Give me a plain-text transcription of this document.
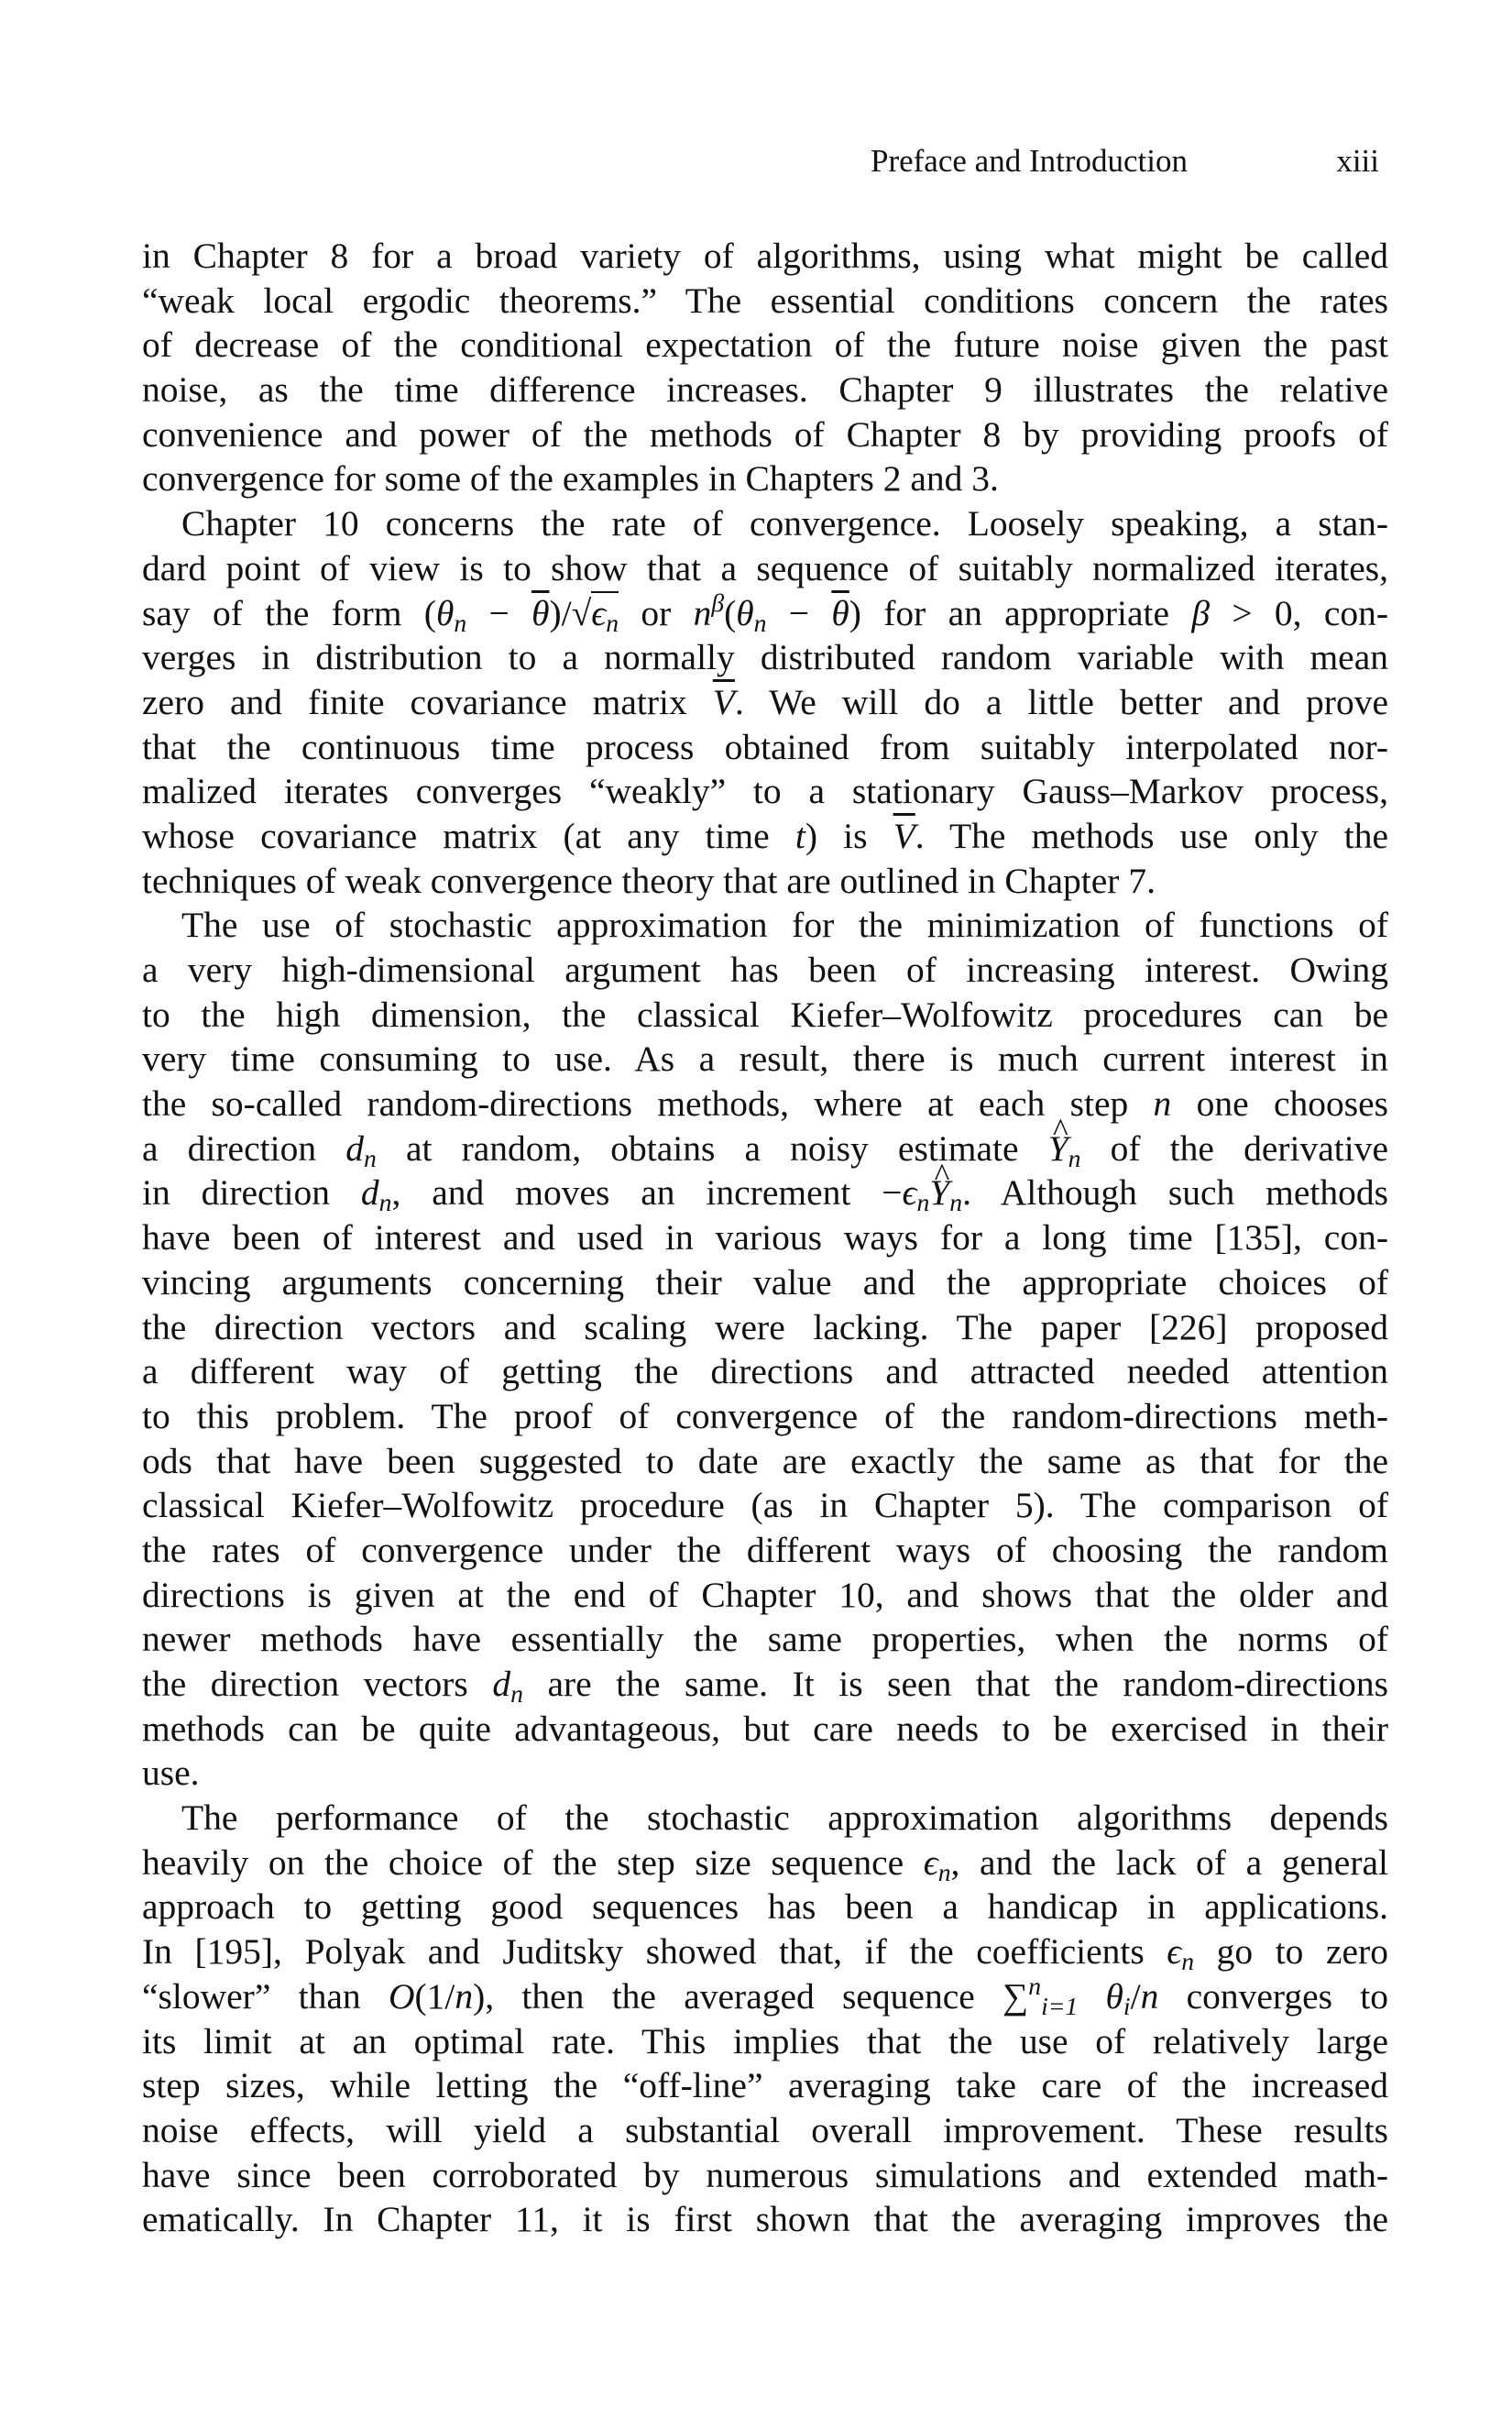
Preface and Introduction	xiii
in Chapter 8 for a broad variety of algorithms, using what might be called
“weak local ergodic theorems.” The essential conditions concern the rates
of decrease of the conditional expectation of the future noise given the past
noise, as the time difference increases. Chapter 9 illustrates the relative
convenience and power of the methods of Chapter 8 by providing proofs of
convergence for some of the examples in Chapters 2 and 3.
Chapter 10 concerns the rate of convergence. Loosely speaking, a stan-
dard point of view is to show that a sequence of suitably normalized iterates,
say of the form $(\theta_n - \overline{\theta})/√\epsilon_n$ or $n^\beta(\theta_n - \overline{\theta})$ for an appropriate β > 0, con-
verges in distribution to a normally distributed random variable with mean
zero and finite covariance matrix $\overline{V}$. We will do a little better and prove
that the continuous time process obtained from suitably interpolated nor-
malized iterates converges “weakly” to a stationary Gauss–Markov process,
whose covariance matrix (at any time t) is $\overline{V}$. The methods use only the
techniques of weak convergence theory that are outlined in Chapter 7.
The use of stochastic approximation for the minimization of functions of
a very high-dimensional argument has been of increasing interest. Owing
to the high dimension, the classical Kiefer–Wolfowitz procedures can be
very time consuming to use. As a result, there is much current interest in
the so-called random-directions methods, where at each step n one chooses
a direction $d_n$ at random, obtains a noisy estimate ^ $Y_n$ of the derivative
in direction $d_n$, and moves an increment $-\epsilon_n\^{}$ $Y_n$. Although such methods
have been of interest and used in various ways for a long time [135], con-
vincing arguments concerning their value and the appropriate choices of
the direction vectors and scaling were lacking. The paper [226] proposed
a different way of getting the directions and attracted needed attention
to this problem. The proof of convergence of the random-directions meth-
ods that have been suggested to date are exactly the same as that for the
classical Kiefer–Wolfowitz procedure (as in Chapter 5). The comparison of
the rates of convergence under the different ways of choosing the random
directions is given at the end of Chapter 10, and shows that the older and
newer methods have essentially the same properties, when the norms of
the direction vectors $d_n$ are the same. It is seen that the random-directions
methods can be quite advantageous, but care needs to be exercised in their
use.
The performance of the stochastic approximation algorithms depends
heavily on the choice of the step size sequence $\epsilon_n$, and the lack of a general
approach to getting good sequences has been a handicap in applications.
In [195], Polyak and Juditsky showed that, if the coefficients $\epsilon_n$ go to zero
“slower” than O(1/n), then the averaged sequence ∑$^n_{i=1}$ $\theta_i/n$ converges to
its limit at an optimal rate. This implies that the use of relatively large
step sizes, while letting the “off-line” averaging take care of the increased
noise effects, will yield a substantial overall improvement. These results
have since been corroborated by numerous simulations and extended math-
ematically. In Chapter 11, it is first shown that the averaging improves the
